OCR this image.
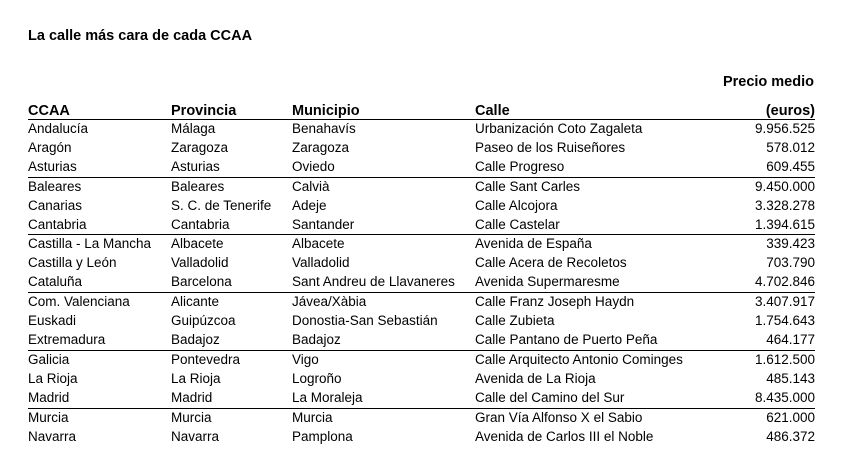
La calle más cara de cada CCAA
Precio medio
CCAA	Provincia	Municipio	Calle	(euros)
Andalucía	Málaga	Benahavís	Urbanización Coto Zagaleta	9.956.525
Aragón	Zaragoza	Zaragoza	Paseo de los Ruiseñores	578.012
Asturias	Asturias	Oviedo	Calle Progreso	609.455
Baleares	Baleares	Calvià	Calle Sant Carles	9.450.000
Canarias	S. C. de Tenerife	Adeje	Calle Alcojora	3.328.278
Cantabria	Cantabria	Santander	Calle Castelar	1.394.615
Castilla - La Mancha	Albacete	Albacete	Avenida de España	339.423
Castilla y León	Valladolid	Valladolid	Calle Acera de Recoletos	703.790
Cataluña	Barcelona	Sant Andreu de Llavaneres	Avenida Supermaresme	4.702.846
Com. Valenciana	Alicante	Jávea/Xàbia	Calle Franz Joseph Haydn	3.407.917
Euskadi	Guipúzcoa	Donostia-San Sebastián	Calle Zubieta	1.754.643
Extremadura	Badajoz	Badajoz	Calle Pantano de Puerto Peña	464.177
Galicia	Pontevedra	Vigo	Calle Arquitecto Antonio Cominges	1.612.500
La Rioja	La Rioja	Logroño	Avenida de La Rioja	485.143
Madrid	Madrid	La Moraleja	Calle del Camino del Sur	8.435.000
Murcia	Murcia	Murcia	Gran Vía Alfonso X el Sabio	621.000
Navarra	Navarra	Pamplona	Avenida de Carlos III el Noble	486.372
